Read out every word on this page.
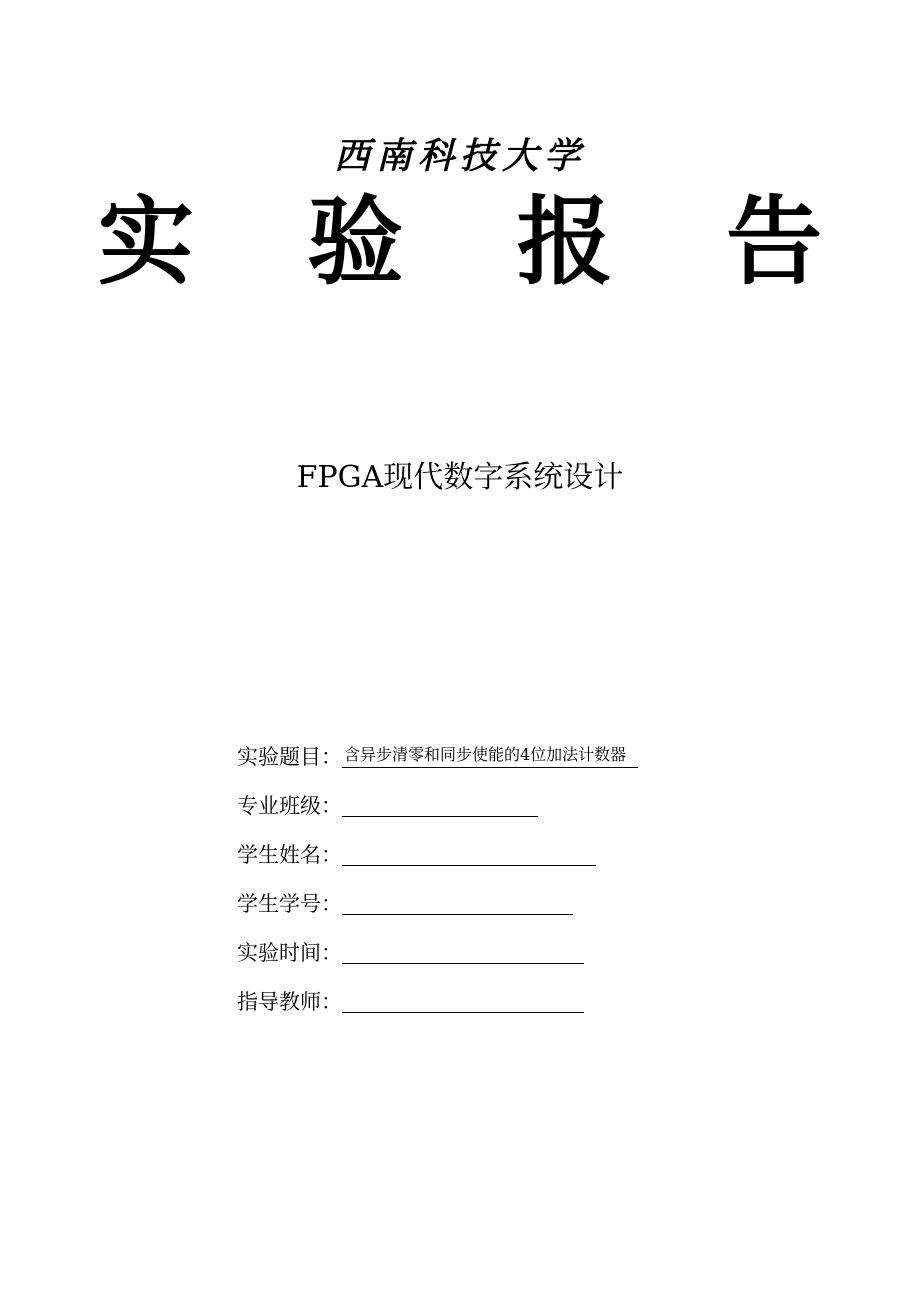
西南科技大学
实 验 报 告
FPGA现代数字系统设计
实验题目： 含异步清零和同步使能的4位加法计数器
专业班级：
学生姓名：
学生学号：
实验时间：
指导教师：
